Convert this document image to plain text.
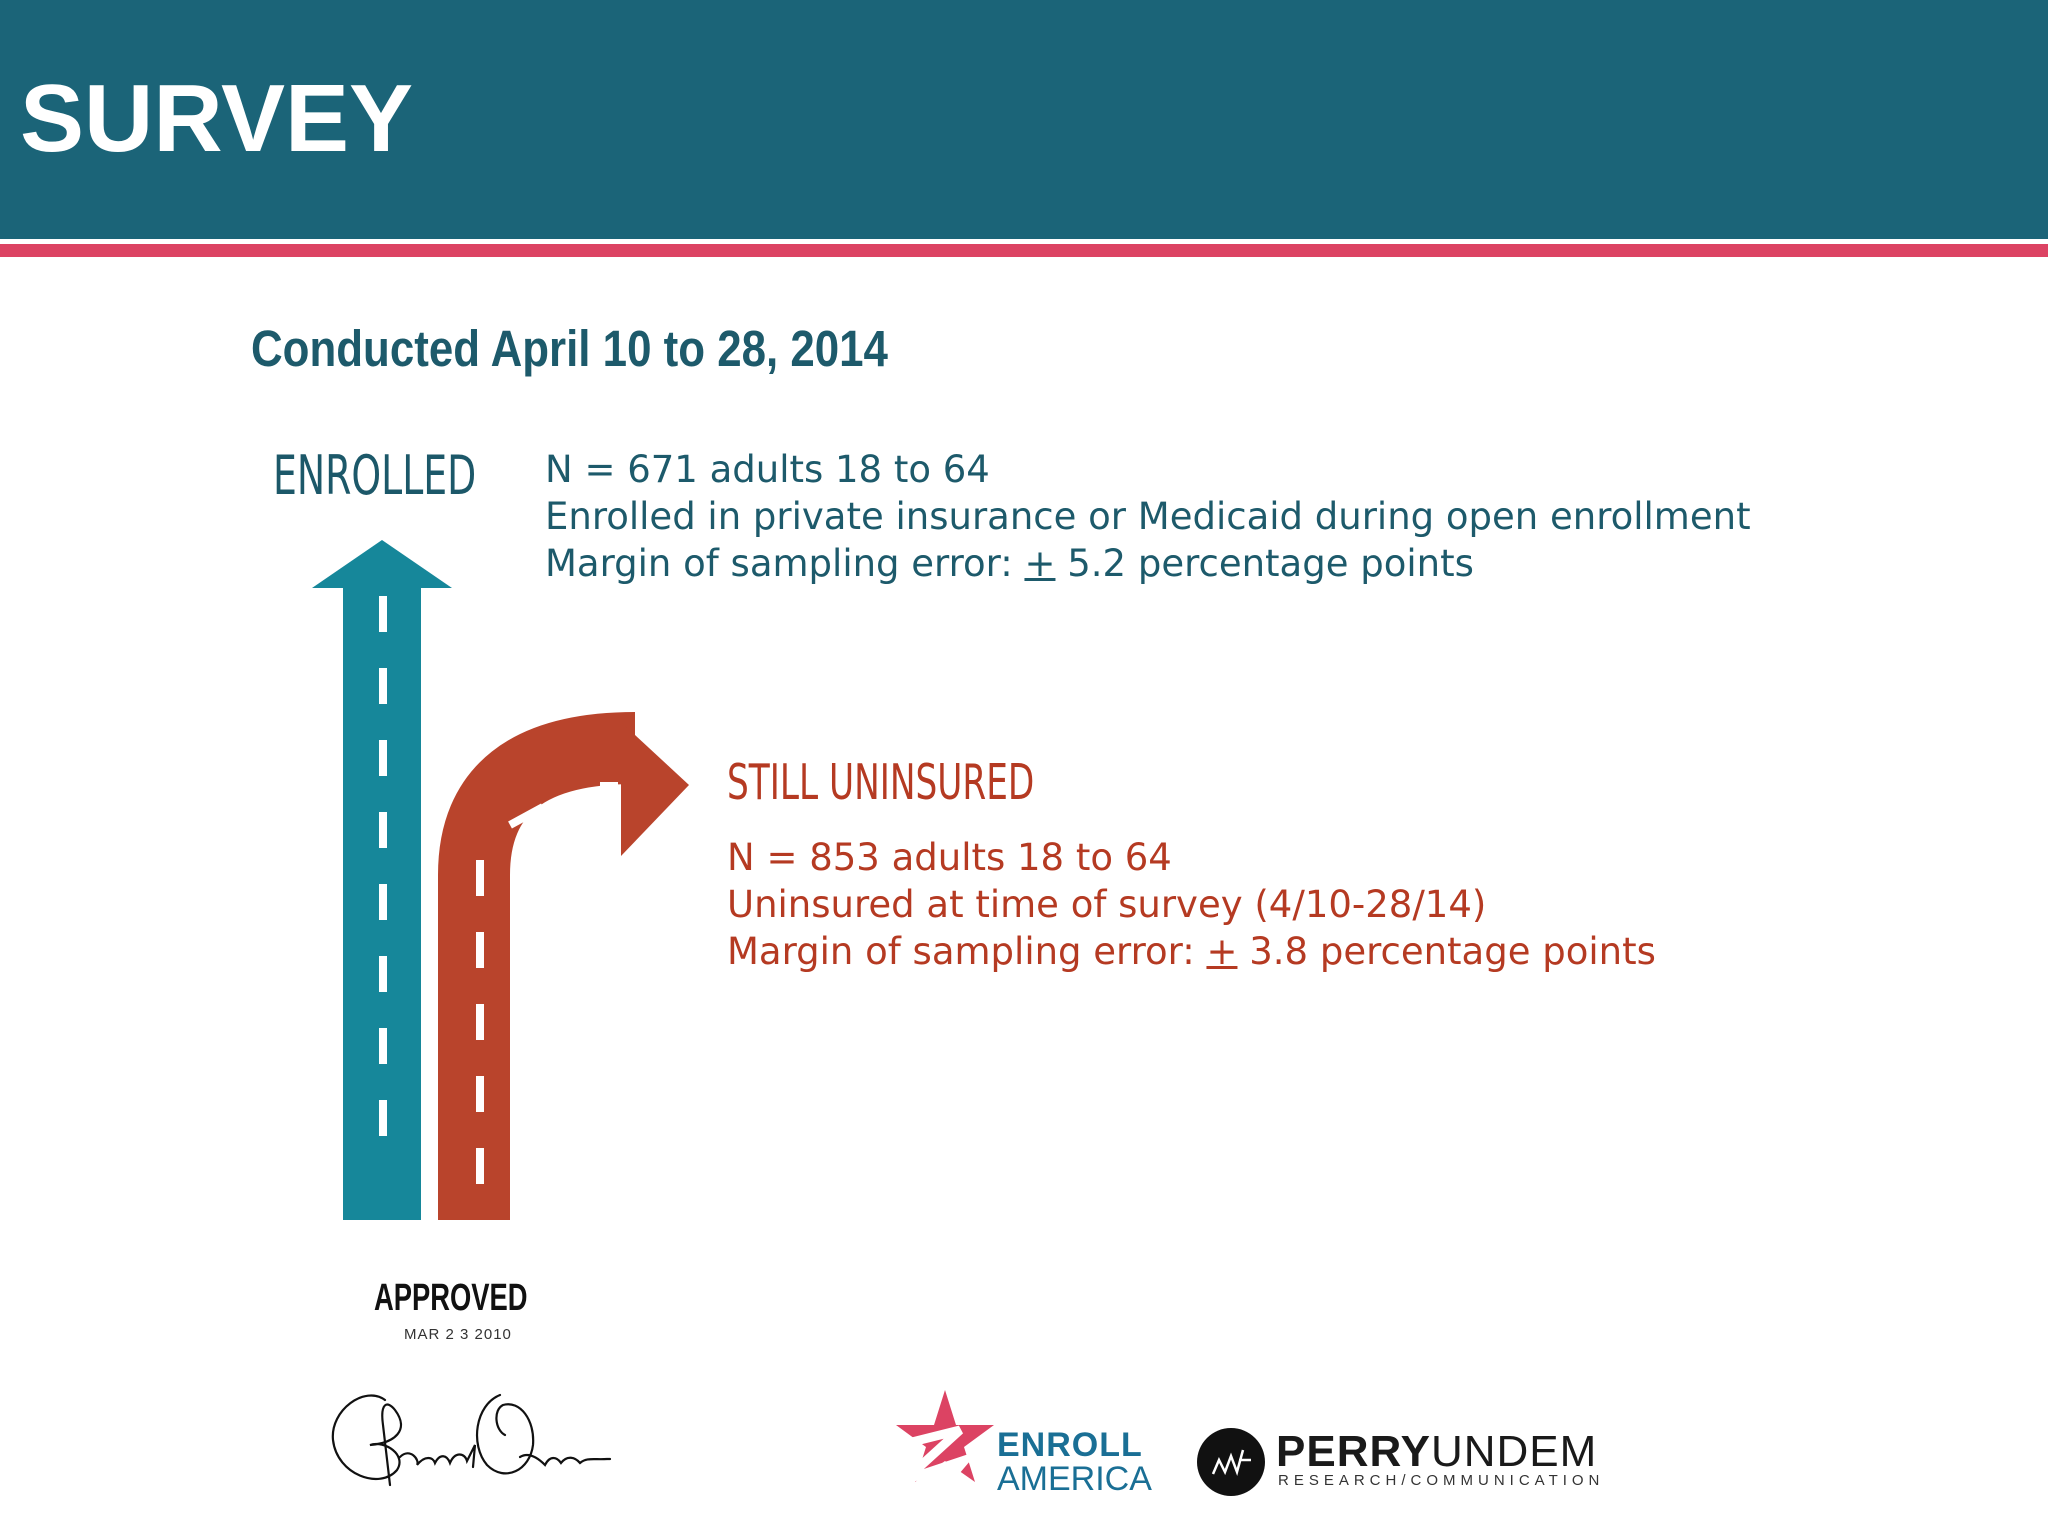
SURVEY
Conducted April 10 to 28, 2014
ENROLLED N = 671 adults 18 to 64
Enrolled in private insurance or Medicaid during open enrollment
Margin of sampling error: + 5.2 percentage points
STILL UNINSURED
N = 853 adults 18 to 64
Uninsured at time of survey (4/10-28/14)
Margin of sampling error: + 3.8 percentage points
APPROVED
MAR 2 3 2010
ENROLL
AMERICA
PERRYUNDEM
RESEARCH/COMMUNICATION
